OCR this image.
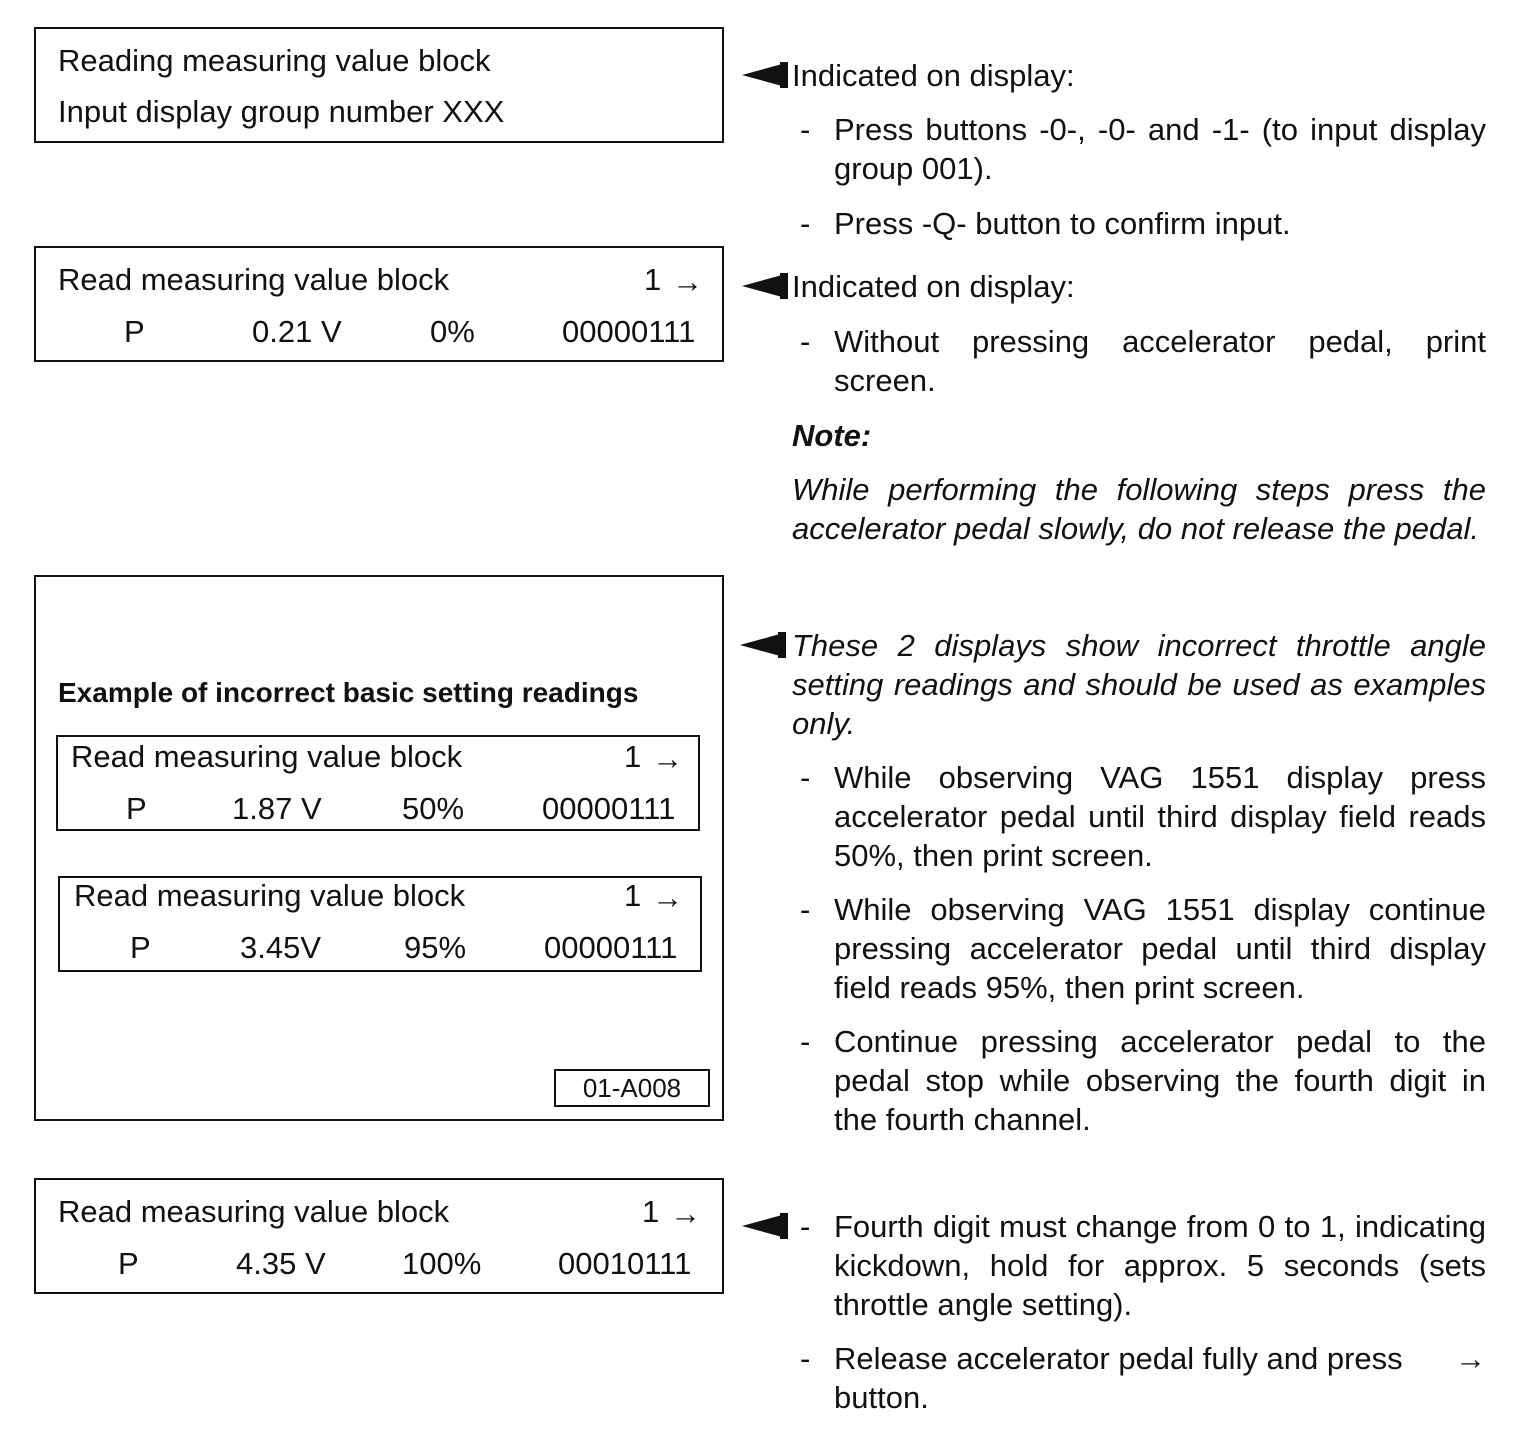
Reading measuring value block
Input display group number XXX
Read measuring value block	1 →
P	0.21 V	0%	00000111
Example of incorrect basic setting readings
Read measuring value block	1 →
P	1.87 V	50%	00000111
Read measuring value block	1 →
P	3.45V	95%	00000111
01-A008
Read measuring value block	1 →
P	4.35 V 100% 00010111
Indicated on display:
- Press buttons -0-, -0- and -1- (to input display group 001).
- Press -Q- button to confirm input.
Indicated on display:
- Without pressing accelerator pedal, print screen.
Note:
While performing the following steps press the accelerator pedal slowly, do not release the pedal.
These 2 displays show incorrect throttle angle setting readings and should be used as examples only.
- While observing VAG 1551 display press accelerator pedal until third display field reads 50%, then print screen.
- While observing VAG 1551 display continue pressing accelerator pedal until third display field reads 95%, then print screen.
- Continue pressing accelerator pedal to the pedal stop while observing the fourth digit in the fourth channel.
- Fourth digit must change from 0 to 1, indicating kickdown, hold for approx. 5 seconds (sets throttle angle setting).
- Release accelerator pedal fully and press →
button.
